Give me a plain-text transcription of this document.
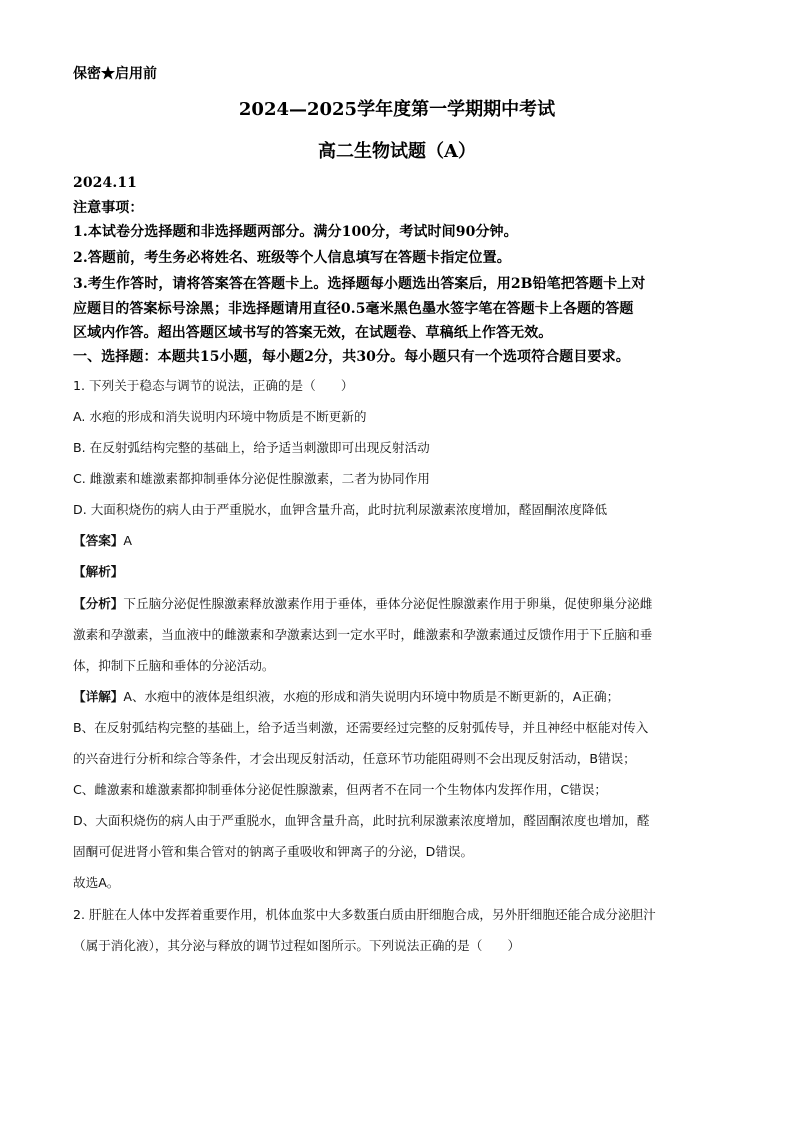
保密★启用前
2024—2025学年度第一学期期中考试
高二生物试题（A）
2024.11
注意事项：
1.本试卷分选择题和非选择题两部分。满分100分，考试时间90分钟。
2.答题前，考生务必将姓名、班级等个人信息填写在答题卡指定位置。
3.考生作答时，请将答案答在答题卡上。选择题每小题选出答案后，用2B铅笔把答题卡上对
应题目的答案标号涂黑；非选择题请用直径0.5毫米黑色墨水签字笔在答题卡上各题的答题
区域内作答。超出答题区域书写的答案无效，在试题卷、草稿纸上作答无效。
一、选择题：本题共15小题，每小题2分，共30分。每小题只有一个选项符合题目要求。
1. 下列关于稳态与调节的说法，正确的是（　　）
A. 水疱的形成和消失说明内环境中物质是不断更新的
B. 在反射弧结构完整的基础上，给予适当刺激即可出现反射活动
C. 雌激素和雄激素都抑制垂体分泌促性腺激素，二者为协同作用
D. 大面积烧伤的病人由于严重脱水，血钾含量升高，此时抗利尿激素浓度增加，醛固酮浓度降低
【答案】A
【解析】
【分析】下丘脑分泌促性腺激素释放激素作用于垂体，垂体分泌促性腺激素作用于卵巢，促使卵巢分泌雌
激素和孕激素，当血液中的雌激素和孕激素达到一定水平时，雌激素和孕激素通过反馈作用于下丘脑和垂
体，抑制下丘脑和垂体的分泌活动。
【详解】A、水疱中的液体是组织液，水疱的形成和消失说明内环境中物质是不断更新的，A正确；
B、在反射弧结构完整的基础上，给予适当刺激，还需要经过完整的反射弧传导，并且神经中枢能对传入
的兴奋进行分析和综合等条件，才会出现反射活动，任意环节功能阻碍则不会出现反射活动，B错误；
C、雌激素和雄激素都抑制垂体分泌促性腺激素，但两者不在同一个生物体内发挥作用，C错误；
D、大面积烧伤的病人由于严重脱水，血钾含量升高，此时抗利尿激素浓度增加，醛固酮浓度也增加，醛
固酮可促进肾小管和集合管对的钠离子重吸收和钾离子的分泌，D错误。
故选A。
2. 肝脏在人体中发挥着重要作用，机体血浆中大多数蛋白质由肝细胞合成，另外肝细胞还能合成分泌胆汁
（属于消化液），其分泌与释放的调节过程如图所示。下列说法正确的是（　　）
